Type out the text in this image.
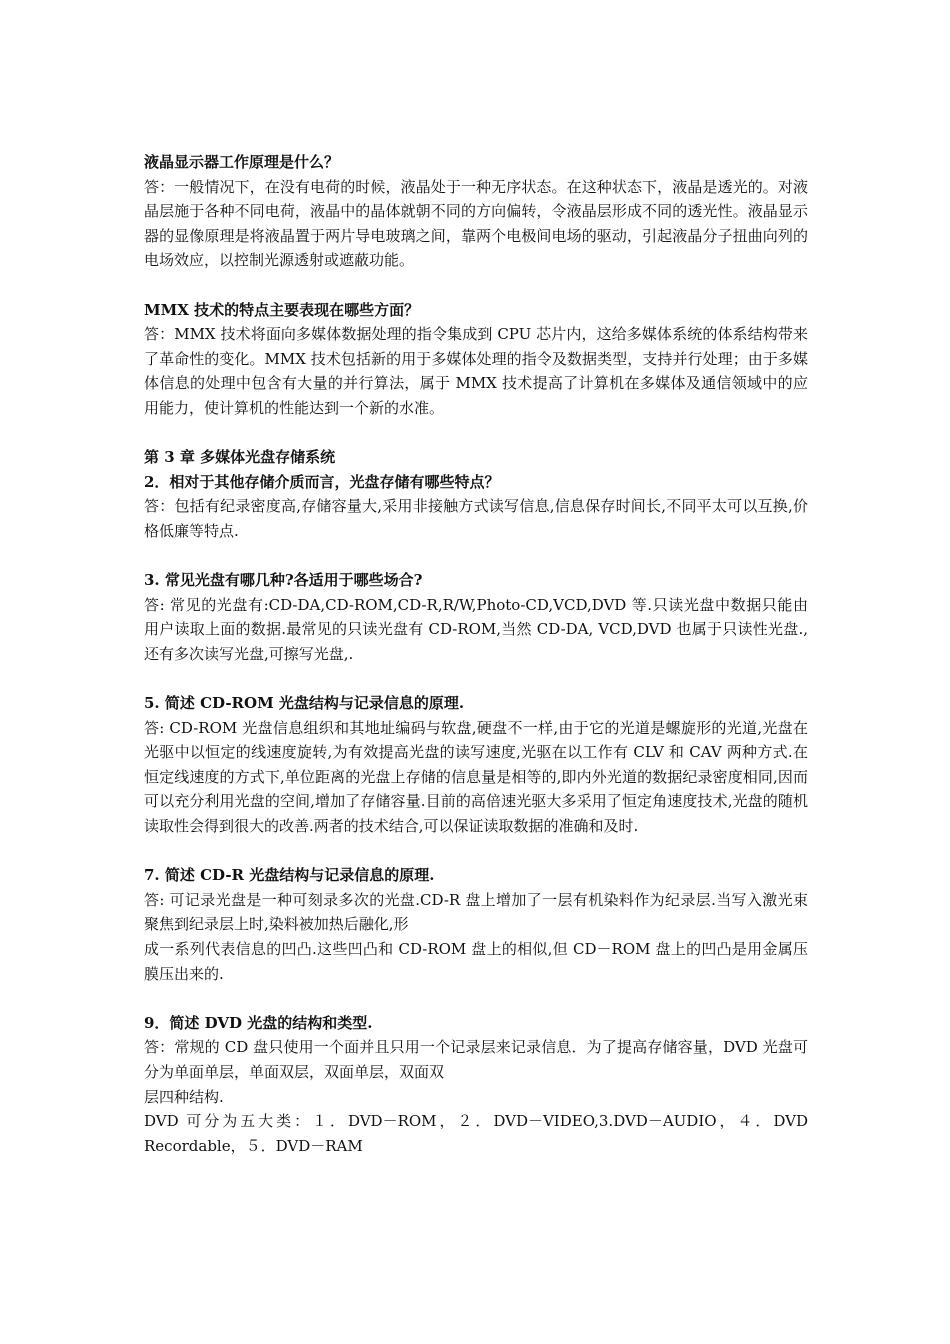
液晶显示器工作原理是什么？
答：一般情况下，在没有电荷的时候，液晶处于一种无序状态。在这种状态下，液晶是透光的。对液晶层施于各种不同电荷，液晶中的晶体就朝不同的方向偏转，令液晶层形成不同的透光性。液晶显示器的显像原理是将液晶置于两片导电玻璃之间，靠两个电极间电场的驱动，引起液晶分子扭曲向列的电场效应，以控制光源透射或遮蔽功能。
MMX 技术的特点主要表现在哪些方面？
答：MMX 技术将面向多媒体数据处理的指令集成到 CPU 芯片内，这给多媒体系统的体系结构带来了革命性的变化。MMX 技术包括新的用于多媒体处理的指令及数据类型，支持并行处理；由于多媒体信息的处理中包含有大量的并行算法，属于 MMX 技术提高了计算机在多媒体及通信领域中的应用能力，使计算机的性能达到一个新的水准。
第 3 章 多媒体光盘存储系统
2．相对于其他存储介质而言，光盘存储有哪些特点？
答：包括有纪录密度高,存储容量大,采用非接触方式读写信息,信息保存时间长,不同平太可以互换,价格低廉等特点.
3. 常见光盘有哪几种?各适用于哪些场合?
答: 常见的光盘有:CD-DA,CD-ROM,CD-R,R/W,Photo-CD,VCD,DVD 等.只读光盘中数据只能由用户读取上面的数据.最常见的只读光盘有 CD-ROM,当然 CD-DA, VCD,DVD 也属于只读性光盘.,还有多次读写光盘,可擦写光盘,.
5. 简述 CD-ROM 光盘结构与记录信息的原理.
答: CD-ROM 光盘信息组织和其地址编码与软盘,硬盘不一样,由于它的光道是螺旋形的光道,光盘在光驱中以恒定的线速度旋转,为有效提高光盘的读写速度,光驱在以工作有 CLV 和 CAV 两种方式.在恒定线速度的方式下,单位距离的光盘上存储的信息量是相等的,即内外光道的数据纪录密度相同,因而可以充分利用光盘的空间,增加了存储容量.目前的高倍速光驱大多采用了恒定角速度技术,光盘的随机 读取性会得到很大的改善.两者的技术结合,可以保证读取数据的准确和及时.
7. 简述 CD-R 光盘结构与记录信息的原理.
答: 可记录光盘是一种可刻录多次的光盘.CD-R 盘上增加了一层有机染料作为纪录层.当写入激光束聚焦到纪录层上时,染料被加热后融化,形
成一系列代表信息的凹凸.这些凹凸和 CD-ROM 盘上的相似,但 CD－ROM 盘上的凹凸是用金属压膜压出来的.
9．简述 DVD 光盘的结构和类型.
答：常规的 CD 盘只使用一个面并且只用一个记录层来记录信息．为了提高存储容量，DVD 光盘可分为单面单层，单面双层，双面单层，双面双
层四种结构.
DVD 可分为五大类：１．DVD－ROM，２．DVD－VIDEO,3.DVD－AUDIO，４．DVD Recordable，５．DVD－RAM
